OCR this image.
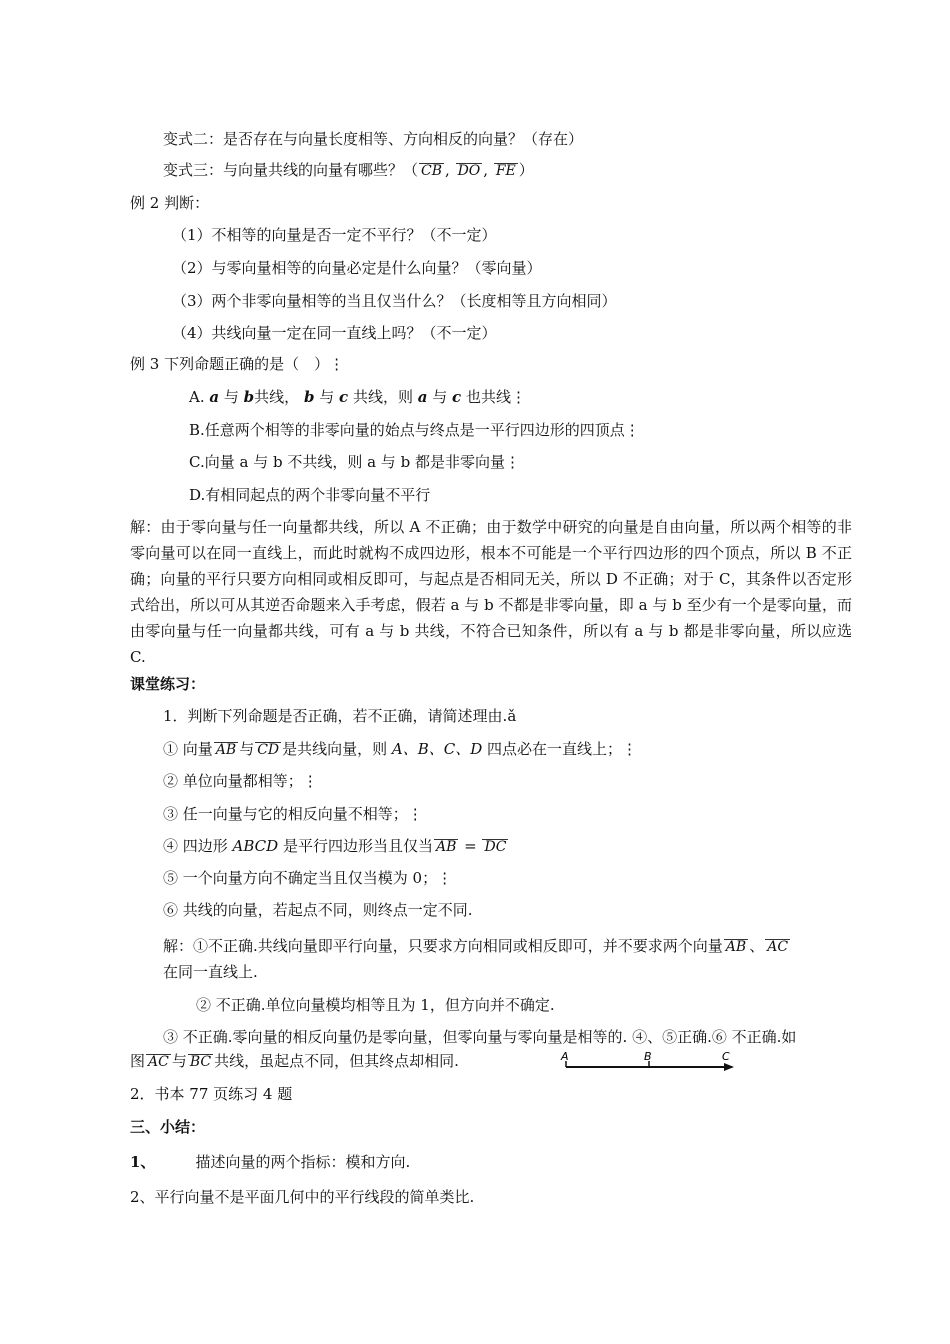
变式二：是否存在与向量长度相等、方向相反的向量？（存在）
变式三：与向量共线的向量有哪些？（ CB , DO , FE ）
例 2 判断：
（1）不相等的向量是否一定不平行？（不一定）
（2）与零向量相等的向量必定是什么向量？（零向量）
（3）两个非零向量相等的当且仅当什么？（长度相等且方向相同）
（4）共线向量一定在同一直线上吗？（不一定）
例 3 下列命题正确的是（　）⋮
A. a 与 b共线， b 与 c 共线，则 a 与 c 也共线⋮
B.任意两个相等的非零向量的始点与终点是一平行四边形的四顶点⋮
C.向量 a 与 b 不共线，则 a 与 b 都是非零向量⋮
D.有相同起点的两个非零向量不平行
解：由于零向量与任一向量都共线，所以 A 不正确；由于数学中研究的向量是自由向量，所以两个相等的非零向量可以在同一直线上，而此时就构不成四边形，根本不可能是一个平行四边形的四个顶点，所以 B 不正确；向量的平行只要方向相同或相反即可，与起点是否相同无关，所以 D 不正确；对于 C，其条件以否定形式给出，所以可从其逆否命题来入手考虑，假若 a 与 b 不都是非零向量，即 a 与 b 至少有一个是零向量，而由零向量与任一向量都共线，可有 a 与 b 共线，不符合已知条件，所以有 a 与 b 都是非零向量，所以应选 C.
课堂练习：
1．判断下列命题是否正确，若不正确，请简述理由.ǎ
① 向量 AB 与 CD 是共线向量，则 A、B、C、D 四点必在一直线上；⋮
② 单位向量都相等；⋮
③ 任一向量与它的相反向量不相等；⋮
④ 四边形 ABCD 是平行四边形当且仅当 AB = DC
⑤ 一个向量方向不确定当且仅当模为 0；⋮
⑥ 共线的向量，若起点不同，则终点一定不同.
解：①不正确.共线向量即平行向量，只要求方向相同或相反即可，并不要求两个向量 AB 、 AC
在同一直线上.
② 不正确.单位向量模均相等且为 1，但方向并不确定.
③ 不正确.零向量的相反向量仍是零向量，但零向量与零向量是相等的. ④、⑤正确.⑥ 不正确.如
图 AC 与 BC 共线，虽起点不同，但其终点却相同.	A	B	C
2．书本 77 页练习 4 题
三、小结：
1、	描述向量的两个指标：模和方向.
2、平行向量不是平面几何中的平行线段的简单类比.
